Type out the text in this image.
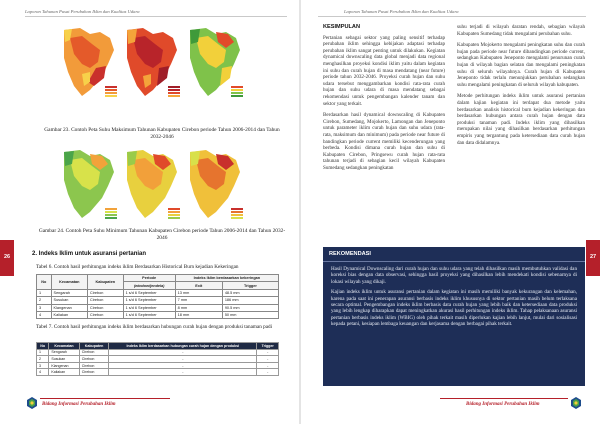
Laporan Tahunan Pusat Perubahan Iklim dan Kualitas Udara
Gambar 23. Contoh Peta Suhu Maksimum Tahunan Kabupaten Cirebon periode Tahun 2006-2014 dan Tahun 2032-2046
Gambar 24. Contoh Peta Suhu Minimum Tahunan Kabupaten Cirebon periode Tahun 2006-2014 dan Tahun 2032-2046
2. Indeks Iklim untuk asuransi pertanian
Tabel 6. Contoh hasil perhitungan indeks iklim Berdasarkan Historical Burn kejadian Kekeringan
No	Kecamatan	Kabupaten	Periode	Indeks Iklim berdasarkan kekeringan	
			(window/jendela)	Exit	Trigger
1	Sengarah	Cirebon	1 s/d 6 September	13 mm	48.5 mm
2	Susukan	Cirebon	1 s/d 6 September	7 mm	186 mm
3	Klangenan	Cirebon	1 s/d 6 September	8 mm	90.5 mm
4	Kaliakan	Cirebon	1 s/d 6 September	18 mm	50 mm
Tabel 7. Contoh hasil perhitungan indeks iklim berdasarkan hubungan curah hujan dengan produksi tanaman padi
No	Kecamatan	Kabupaten	Indeks Iklim berdasarkan hubungan curah hujan dengan produksi	Trigger
1	Sengarah	Cirebon	-	-
2	Susukan	Cirebon	-	-
3	Klangenan	Cirebon	-	-
4	Kaliakan	Cirebon	-	-
26
Bidang Informasi Perubahan Iklim
Laporan Tahunan Pusat Perubahan Iklim dan Kualitas Udara
KESIMPULAN

Pertanian sebagai sektor yang paling sensitif terhadap perubahan iklim sehingga kebijakan adaptasi terhadap perubahan iklim sangat penting untuk dilakukan. Kegiatan dynamical downscaling data global menjadi data regional menghasilkan proyeksi kondisi iklim yaitu dalam kegiatan ini suhu dan curah hujan di masa mendatang (near future) periode tahun 2032-2046. Proyeksi curah hujan dan suhu udara tersebut menggambarkan kondisi rata-rata curah hujan dan suhu udara di masa mendatang sebagai rekomendasi untuk pengembangan kalender tanam dan sektor yang terkait.

Berdasarkan hasil dynamical downscaling di Kabupaten Cirebon, Sumedang, Mojokerto, Lamongan dan Jeneponto untuk parameter iklim curah hujan dan suhu udara (rata-rata, maksimum dan minimum) pada periode near future di bandingkan periode current memiliki kecenderungan yang berbeda. Kondisi dimana curah hujan dan suhu di Kabupaten Cirebon, Pringsewu curah hujan rata-rata tahunan terjadi di sebagian kecil wilayah Kabupaten Sumedang sedangkan peningkatan

suhu terjadi di wilayah daratan rendah, sebagian wilayah Kabupaten Sumedang tidak mengalami perubahan suhu.

Kabupaten Mojokerto mengalami peningkatan suhu dan curah hujan pada periode near future dibandingkan periode current, sedangkan Kabupaten Jeneponto mengalami penurunan curah hujan di wilayah bagian selatan dan mengalami peningkatan suhu di seluruh wilayahnya. Curah hujan di Kabupaten Jeneponto tidak terlalu menunjukkan perubahan sedangkan suhu mengalami peningkatan di seluruh wilayah kabupaten.

Metode perhitungan indeks iklim untuk asuransi pertanian dalam kajian kegiatan ini terdapat dua metode yaitu berdasarkan analisis historical burn kejadian kekeringan dan berdasarkan hubungan antara curah hujan dengan data produksi tanaman padi. Indeks iklim yang dihasilkan merupakan nilai yang dihasilkan berdasarkan perhitungan empiris yang tergantung pada ketersediaan data curah hujan dan data didalamnya.

REKOMENDASI

Hasil Dynamical Downscaling dari curah hujan dan suhu udara yang telah dihasilkan masih membutuhkan validasi dan koreksi bias dengan data observasi, sehingga hasil proyeksi yang dihasilkan lebih mendekati kondisi sebenarnya di lokasi wilayah yang dikaji.

Kajian indeks iklim untuk asuransi pertanian dalam kegiatan ini masih memiliki banyak kekurangan dan kelemahan, karena pada saat ini penerapan asuransi berbasis indeks iklim khususnya di sektor pertanian masih belum terlaksana secara optimal. Pengembangan indeks iklim berbasis data curah hujan yang lebih baik dan ketersediaan data produksi yang lebih lengkap diharapkan dapat meningkatkan akurasi hasil perhitungan indeks iklim. Tahap pelaksanaan asuransi pertanian berbasis indeks iklim (WBIG) oleh pihak terkait masih diperlukan kajian lebih lanjut, mulai dari sosialisasi kepada petani, kesiapan lembaga keuangan dan kerjasama dengan berbagai pihak terkait.

27
Bidang Informasi Perubahan Iklim
